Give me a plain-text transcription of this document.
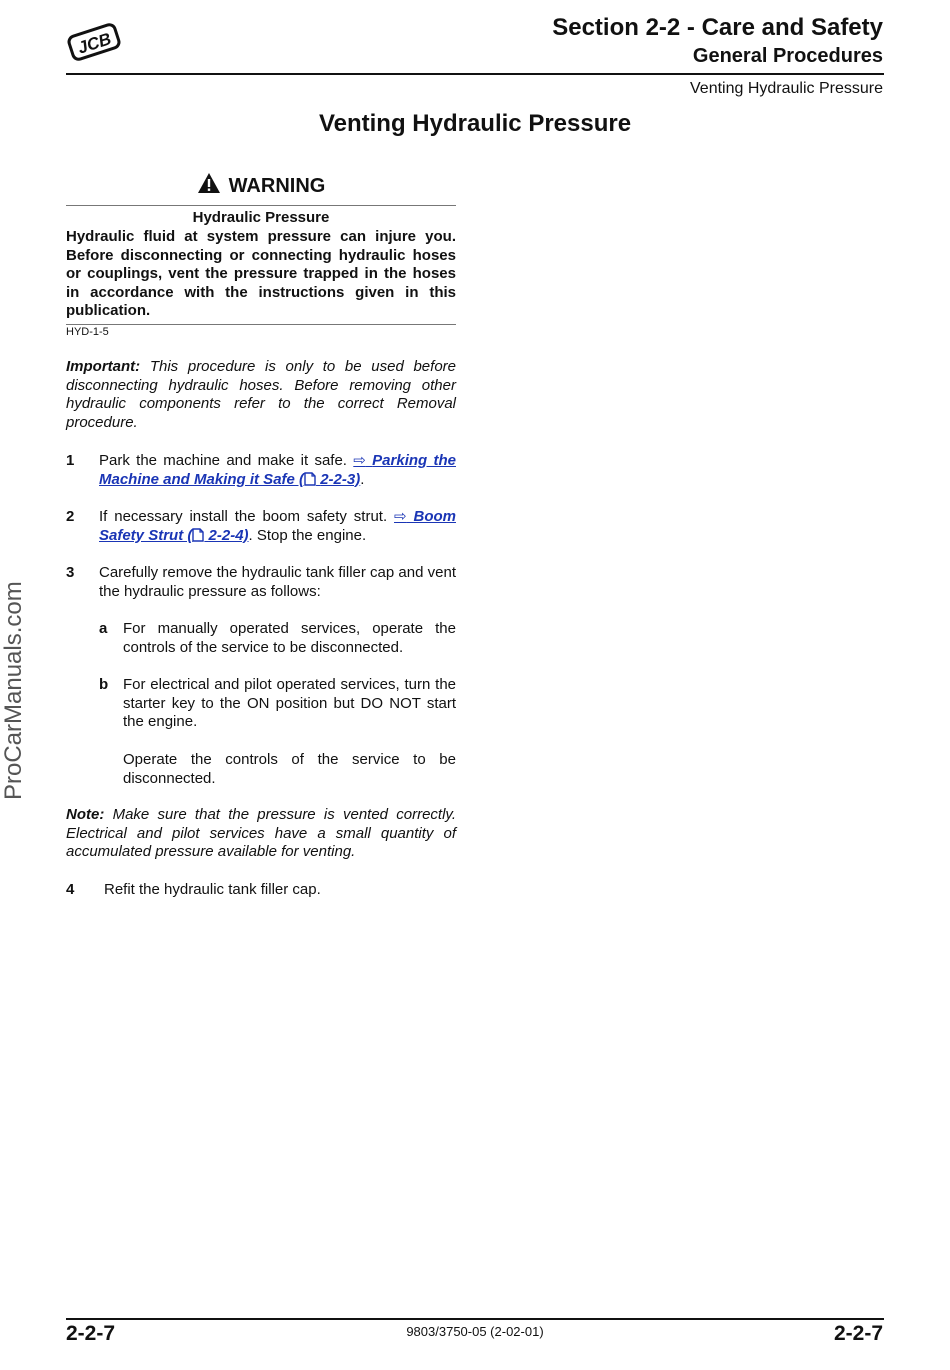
JCB
Section 2-2 - Care and Safety
General Procedures
Venting Hydraulic Pressure
Venting Hydraulic Pressure
WARNING
Hydraulic Pressure
Hydraulic fluid at system pressure can injure you. Before disconnecting or connecting hydraulic hoses or couplings, vent the pressure trapped in the hoses in accordance with the instructions given in this publication.
HYD-1-5
Important: This procedure is only to be used before disconnecting hydraulic hoses. Before removing other hydraulic components refer to the correct Removal procedure.
1 Park the machine and make it safe. ⇨ Parking the Machine and Making it Safe ( 2-2-3).
2 If necessary install the boom safety strut. ⇨ Boom Safety Strut ( 2-2-4). Stop the engine.
3 Carefully remove the hydraulic tank filler cap and vent the hydraulic pressure as follows:
a For manually operated services, operate the controls of the service to be disconnected.
b For electrical and pilot operated services, turn the starter key to the ON position but DO NOT start the engine.
Operate the controls of the service to be disconnected.
Note: Make sure that the pressure is vented correctly. Electrical and pilot services have a small quantity of accumulated pressure available for venting.
4 Refit the hydraulic tank filler cap.
ProCarManuals.com
2-2-7	9803/3750-05 (2-02-01)	2-2-7
